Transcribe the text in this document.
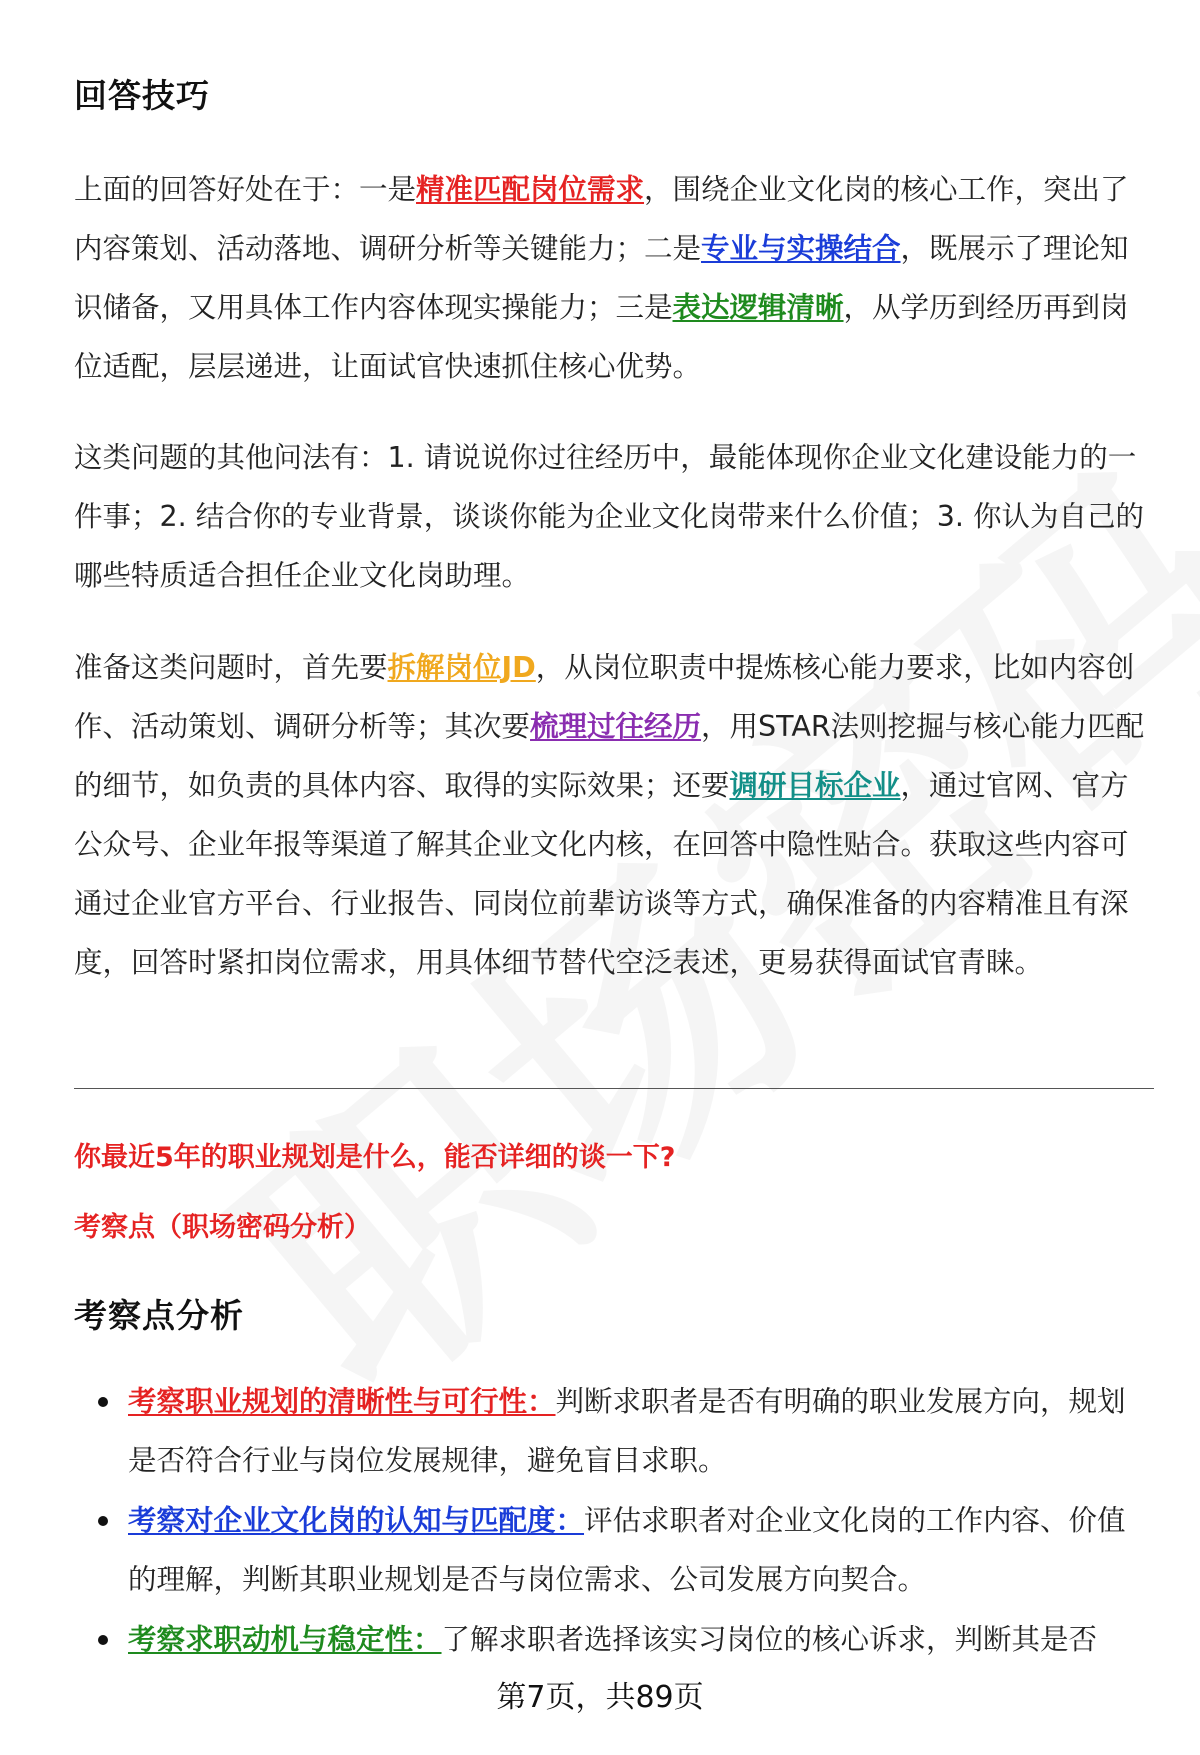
回答技巧

上面的回答好处在于：一是精准匹配岗位需求，围绕企业文化岗的核心工作，突出了内容策划、活动落地、调研分析等关键能力；二是专业与实操结合，既展示了理论知识储备，又用具体工作内容体现实操能力；三是表达逻辑清晰，从学历到经历再到岗位适配，层层递进，让面试官快速抓住核心优势。

这类问题的其他问法有：1. 请说说你过往经历中，最能体现你企业文化建设能力的一件事；2. 结合你的专业背景，谈谈你能为企业文化岗带来什么价值；3. 你认为自己的哪些特质适合担任企业文化岗助理。

准备这类问题时，首先要拆解岗位JD，从岗位职责中提炼核心能力要求，比如内容创作、活动策划、调研分析等；其次要梳理过往经历，用STAR法则挖掘与核心能力匹配的细节，如负责的具体内容、取得的实际效果；还要调研目标企业，通过官网、官方公众号、企业年报等渠道了解其企业文化内核，在回答中隐性贴合。获取这些内容可通过企业官方平台、行业报告、同岗位前辈访谈等方式，确保准备的内容精准且有深度，回答时紧扣岗位需求，用具体细节替代空泛表述，更易获得面试官青睐。

你最近5年的职业规划是什么，能否详细的谈一下?

考察点（职场密码分析）

考察点分析
考察职业规划的清晰性与可行性：判断求职者是否有明确的职业发展方向，规划是否符合行业与岗位发展规律，避免盲目求职。
考察对企业文化岗的认知与匹配度：评估求职者对企业文化岗的工作内容、价值的理解，判断其职业规划是否与岗位需求、公司发展方向契合。
考察求职动机与稳定性：了解求职者选择该实习岗位的核心诉求，判断其是否
第7页，共89页
